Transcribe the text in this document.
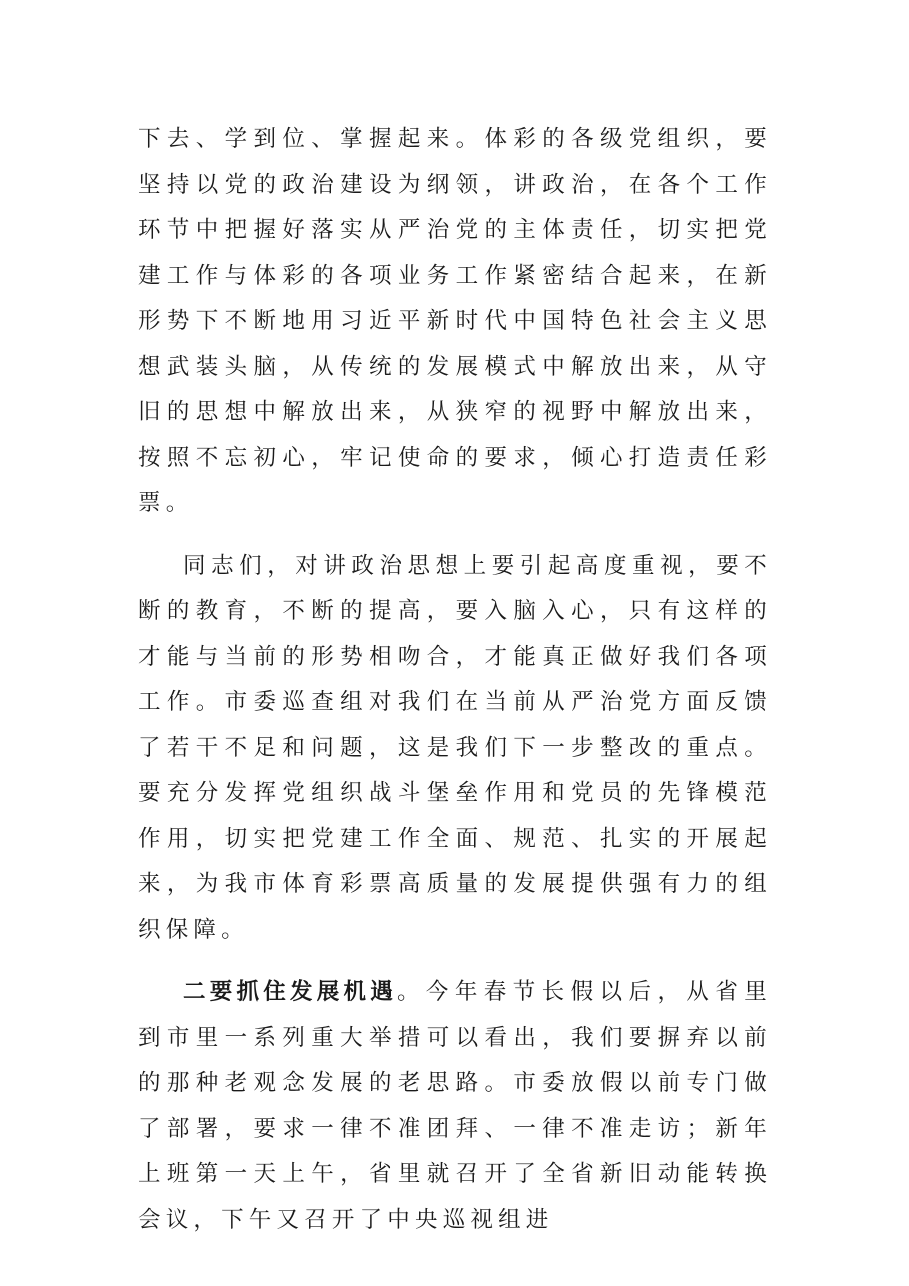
下去、学到位、掌握起来。体彩的各级党组织，要坚持以党的政治建设为纲领，讲政治，在各个工作环节中把握好落实从严治党的主体责任，切实把党建工作与体彩的各项业务工作紧密结合起来，在新形势下不断地用习近平新时代中国特色社会主义思想武装头脑，从传统的发展模式中解放出来，从守旧的思想中解放出来，从狭窄的视野中解放出来，按照不忘初心，牢记使命的要求，倾心打造责任彩票。

同志们，对讲政治思想上要引起高度重视，要不断的教育，不断的提高，要入脑入心，只有这样的才能与当前的形势相吻合，才能真正做好我们各项工作。市委巡查组对我们在当前从严治党方面反馈了若干不足和问题，这是我们下一步整改的重点。要充分发挥党组织战斗堡垒作用和党员的先锋模范作用，切实把党建工作全面、规范、扎实的开展起来，为我市体育彩票高质量的发展提供强有力的组织保障。

二要抓住发展机遇。今年春节长假以后，从省里到市里一系列重大举措可以看出，我们要摒弃以前的那种老观念发展的老思路。市委放假以前专门做了部署，要求一律不准团拜、一律不准走访；新年上班第一天上午，省里就召开了全省新旧动能转换会议，下午又召开了中央巡视组进
